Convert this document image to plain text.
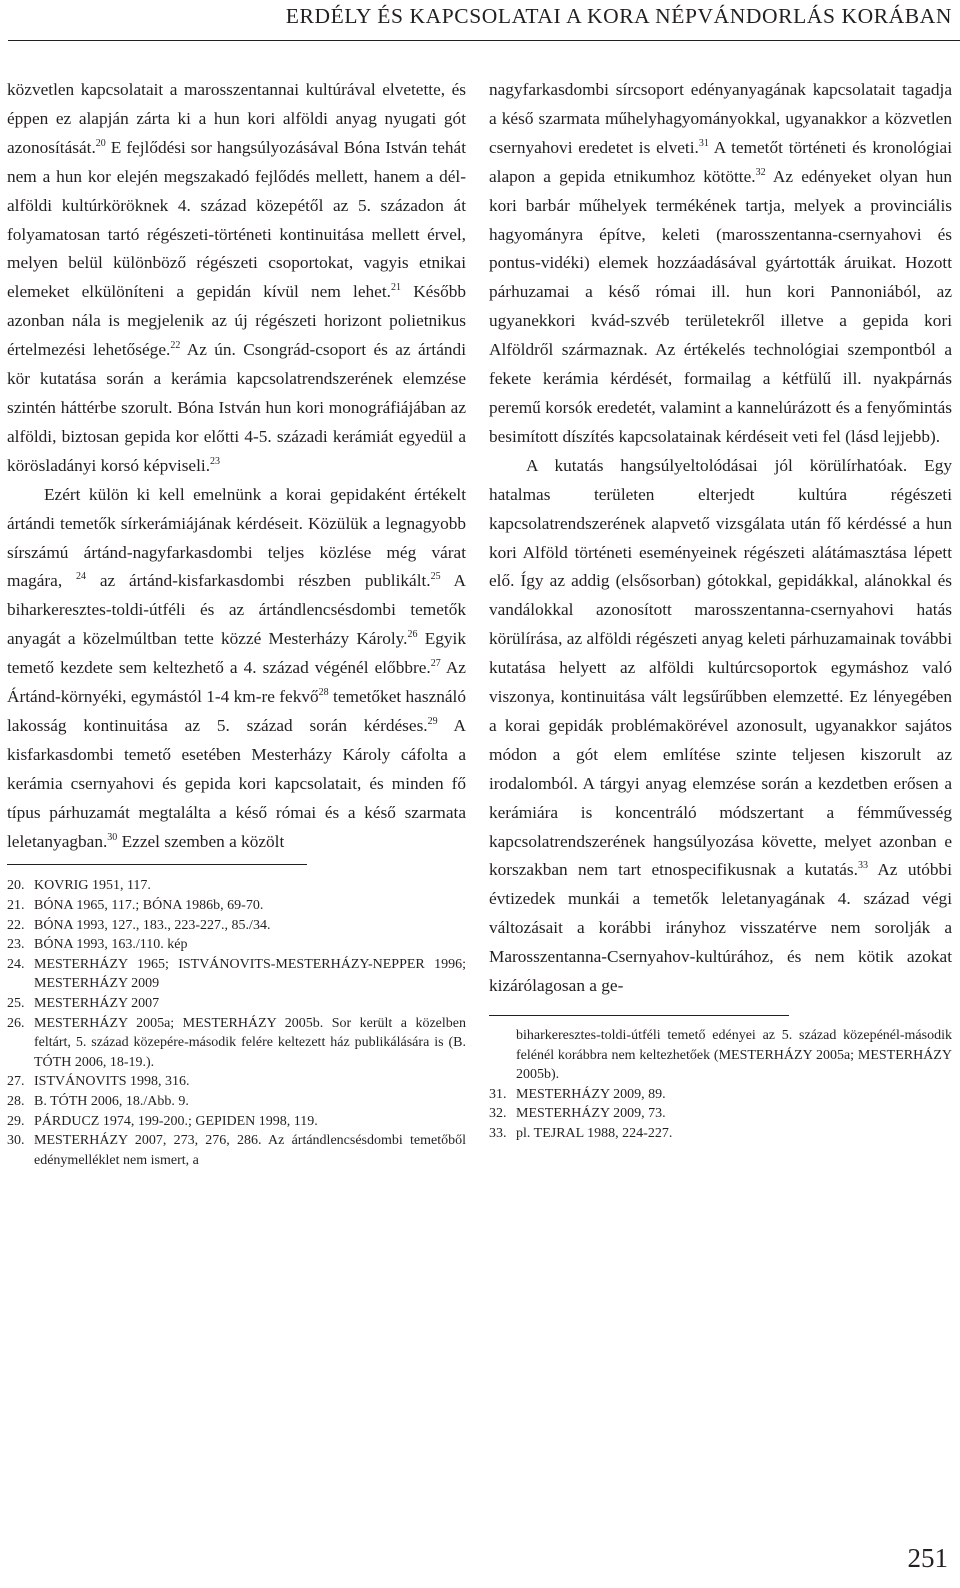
ERDÉLY ÉS KAPCSOLATAI A KORA NÉPVÁNDORLÁS KORÁBAN

közvetlen kapcsolatait a marosszentannai kultúrával elvetette, és éppen ez alapján zárta ki a hun kori alföldi anyag nyugati gót azonosítását.$^{20}$ E fejlődési sor hangsúlyozásával Bóna István tehát nem a hun kor elején megszakadó fejlődés mellett, hanem a dél-alföldi kultúrköröknek 4. század közepétől az 5. századon át folyamatosan tartó régészeti-történeti kontinuitása mellett érvel, melyen belül különböző régészeti csoportokat, vagyis etnikai elemeket elkülöníteni a gepidán kívül nem lehet.$^{21}$ Később azonban nála is megjelenik az új régészeti horizont polietnikus értelmezési lehetősége.$^{22}$ Az ún. Csongrád-csoport és az ártándi kör kutatása során a kerámia kapcsolatrendszerének elemzése szintén háttérbe szorult. Bóna István hun kori monográfiájában az alföldi, biztosan gepida kor előtti 4-5. századi kerámiát egyedül a körösladányi korsó képviseli.$^{23}$

Ezért külön ki kell emelnünk a korai gepidaként értékelt ártándi temetők sírkerámiájának kérdéseit. Közülük a legnagyobb sírszámú ártánd-nagyfarkasdombi teljes közlése még várat magára, $^{24}$ az ártánd-kisfarkasdombi részben publikált.$^{25}$ A biharkeresztes-toldi-útféli és az ártándlencsésdombi temetők anyagát a közelmúltban tette közzé Mesterházy Károly.$^{26}$ Egyik temető kezdete sem keltezhető a 4. század végénél előbbre.$^{27}$ Az Ártánd-környéki, egymástól 1-4 km-re fekvő$^{28}$ temetőket használó lakosság kontinuitása az 5. század során kérdéses.$^{29}$ A kisfarkasdombi temető esetében Mesterházy Károly cáfolta a kerámia csernyahovi és gepida kori kapcsolatait, és minden fő típus párhuzamát megtalálta a késő római és a késő szarmata leletanyagban.$^{30}$ Ezzel szemben a közölt

20. KOVRIG 1951, 117.
21. BÓNA 1965, 117.; BÓNA 1986b, 69-70.
22. BÓNA 1993, 127., 183., 223-227., 85./34.
23. BÓNA 1993, 163./110. kép
24. MESTERHÁZY 1965; ISTVÁNOVITS-MESTERHÁZY-NEPPER 1996; MESTERHÁZY 2009
25. MESTERHÁZY 2007
26. MESTERHÁZY 2005a; MESTERHÁZY 2005b. Sor került a közelben feltárt, 5. század közepére-második felére keltezett ház publikálására is (B. TÓTH 2006, 18-19.).
27. ISTVÁNOVITS 1998, 316.
28. B. TÓTH 2006, 18./Abb. 9.
29. PÁRDUCZ 1974, 199-200.; GEPIDEN 1998, 119.
30. MESTERHÁZY 2007, 273, 276, 286. Az ártándlencsésdombi temetőből edénymelléklet nem ismert, a

nagyfarkasdombi sírcsoport edényanyagának kapcsolatait tagadja a késő szarmata műhelyhagyományokkal, ugyanakkor a közvetlen csernyahovi eredetet is elveti.$^{31}$ A temetőt történeti és kronológiai alapon a gepida etnikumhoz kötötte.$^{32}$ Az edényeket olyan hun kori barbár műhelyek termékének tartja, melyek a provinciális hagyományra építve, keleti (marosszentanna-csernyahovi és pontus-vidéki) elemek hozzáadásával gyártották áruikat. Hozott párhuzamai a késő római ill. hun kori Pannoniából, az ugyanekkori kvád-szvéb területekről illetve a gepida kori Alföldről származnak. Az értékelés technológiai szempontból a fekete kerámia kérdését, formailag a kétfülű ill. nyakpárnás peremű korsók eredetét, valamint a kannelúrázott és a fenyőmintás besimított díszítés kapcsolatainak kérdéseit veti fel (lásd lejjebb).

A kutatás hangsúlyeltolódásai jól körülírhatóak. Egy hatalmas területen elterjedt kultúra régészeti kapcsolatrendszerének alapvető vizsgálata után fő kérdéssé a hun kori Alföld történeti eseményeinek régészeti alátámasztása lépett elő. Így az addig (elsősorban) gótokkal, gepidákkal, alánokkal és vandálokkal azonosított marosszentanna-csernyahovi hatás körülírása, az alföldi régészeti anyag keleti párhuzamainak további kutatása helyett az alföldi kultúrcsoportok egymáshoz való viszonya, kontinuitása vált legsűrűbben elemzetté. Ez lényegében a korai gepidák problémakörével azonosult, ugyanakkor sajátos módon a gót elem említése szinte teljesen kiszorult az irodalomból. A tárgyi anyag elemzése során a kezdetben erősen a kerámiára is koncentráló módszertant a fémművesség kapcsolatrendszerének hangsúlyozása követte, melyet azonban e korszakban nem tart etnospecifikusnak a kutatás.$^{33}$ Az utóbbi évtizedek munkái a temetők leletanyagának 4. század végi változásait a korábbi irányhoz visszatérve nem sorolják a Marosszentanna-Csernyahov-kultúrához, és nem kötik azokat kizárólagosan a ge-

biharkeresztes-toldi-útféli temető edényei az 5. század közepénél-második felénél korábbra nem keltezhetőek (MESTERHÁZY 2005a; MESTERHÁZY 2005b).
31. MESTERHÁZY 2009, 89.
32. MESTERHÁZY 2009, 73.
33. pl. TEJRAL 1988, 224-227.
251
